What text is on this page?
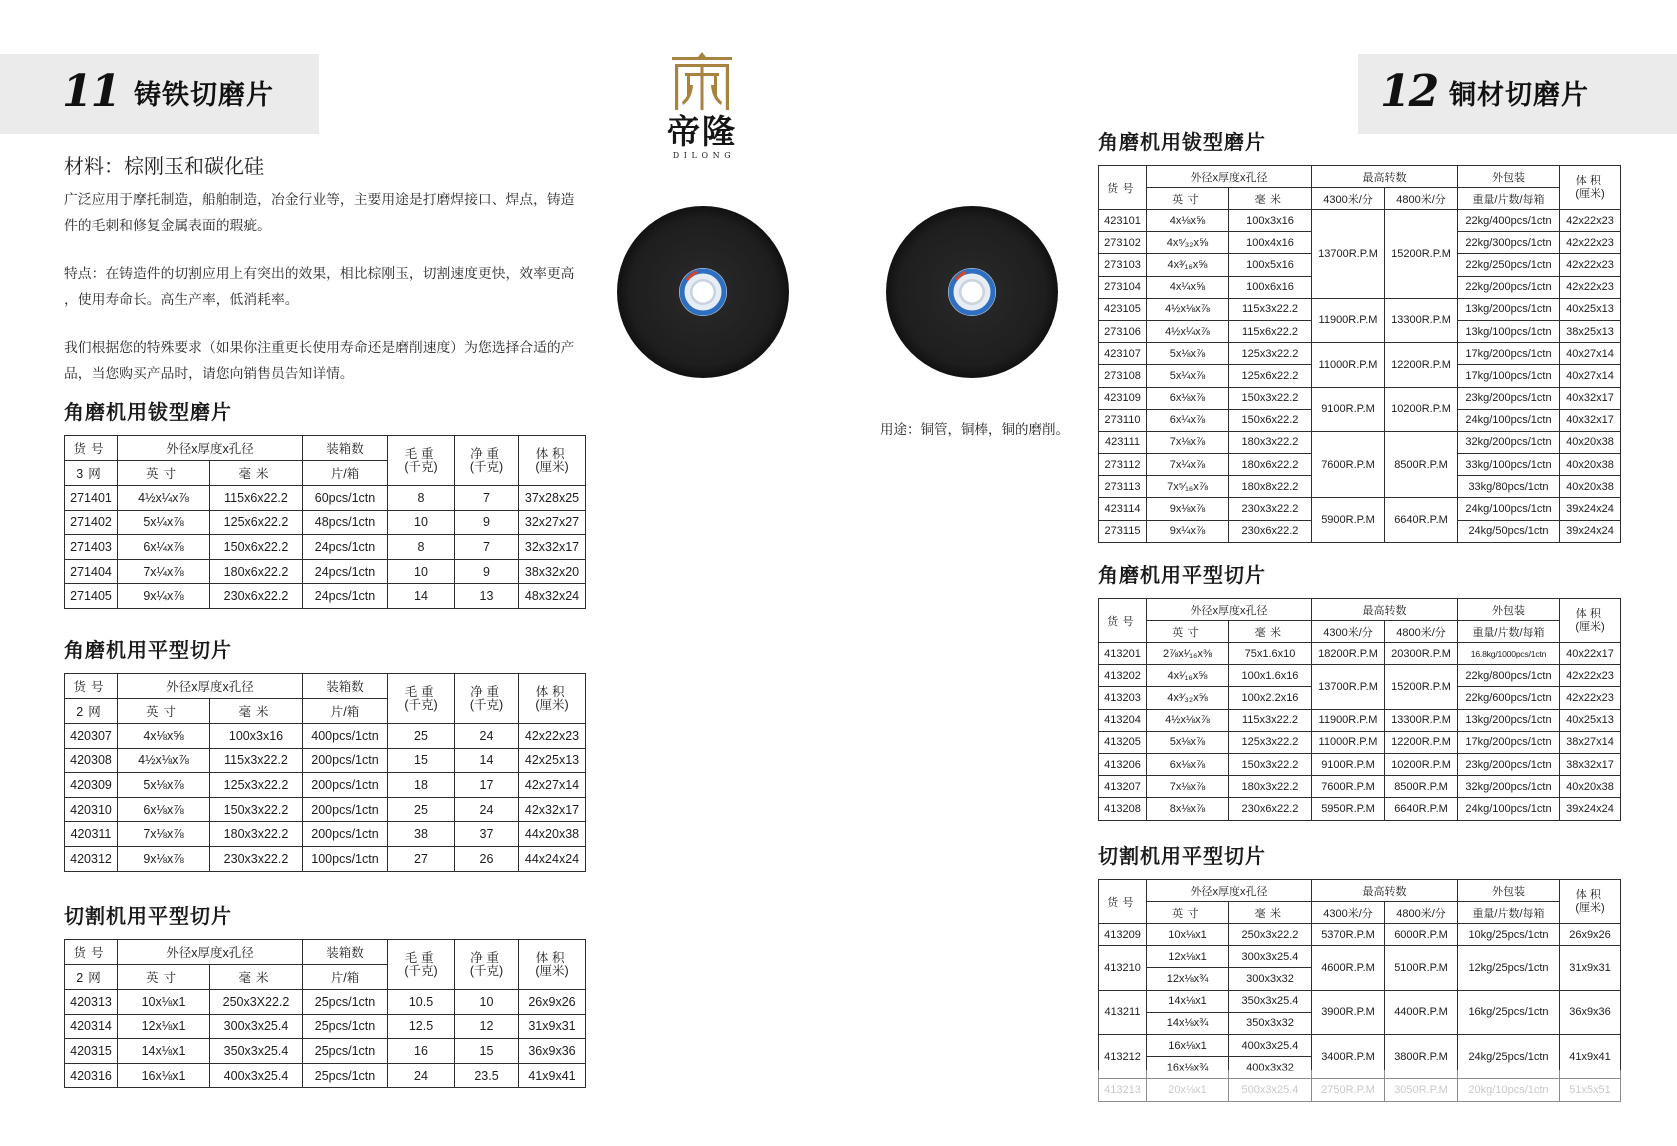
11 铸铁切磨片	12 铜材切磨片
帝隆
DILONG
材料：棕刚玉和碳化硅

广泛应用于摩托制造，船舶制造，冶金行业等，主要用途是打磨焊接口、焊点，铸造件的毛刺和修复金属表面的瑕疵。

特点：在铸造件的切割应用上有突出的效果，相比棕刚玉，切割速度更快，效率更高，使用寿命长。高生产率，低消耗率。

我们根据您的特殊要求（如果你注重更长使用寿命还是磨削速度）为您选择合适的产品，当您购买产品时，请您向销售员告知详情。

用途：铜管，铜棒，铜的磨削。
角磨机用钹型磨片
货号	外径x厚度x孔径		装箱数	毛重
(千克)	净重
(千克)	体积
(厘米)

3网	英寸	毫米	片/箱			
271401	4½x¼x⅞	115x6x22.2	60pcs/1ctn	8	7	37x28x25
271402	5x¼x⅞	125x6x22.2	48pcs/1ctn	10	9	32x27x27
271403	6x¼x⅞	150x6x22.2	24pcs/1ctn	8	7	32x32x17
271404	7x¼x⅞	180x6x22.2	24pcs/1ctn	10	9	38x32x20
271405	9x¼x⅞	230x6x22.2	24pcs/1ctn	14	13	48x32x24
角磨机用平型切片
货号	外径x厚度x孔径		装箱数	毛重
(千克)	净重
(千克)	体积
(厘米)

2网	英寸	毫米	片/箱			
420307	4x⅛x⅝	100x3x16	400pcs/1ctn	25	24	42x22x23
420308	4½x⅛x⅞	115x3x22.2	200pcs/1ctn	15	14	42x25x13
420309	5x⅛x⅞	125x3x22.2	200pcs/1ctn	18	17	42x27x14
420310	6x⅛x⅞	150x3x22.2	200pcs/1ctn	25	24	42x32x17
420311	7x⅛x⅞	180x3x22.2	200pcs/1ctn	38	37	44x20x38
420312	9x⅛x⅞	230x3x22.2	100pcs/1ctn	27	26	44x24x24
切割机用平型切片
货号	外径x厚度x孔径		装箱数	毛重
(千克)	净重
(千克)	体积
(厘米)

2网	英寸	毫米	片/箱			
420313	10x⅛x1	250x3X22.2	25pcs/1ctn	10.5	10	26x9x26
420314	12x⅛x1	300x3x25.4	25pcs/1ctn	12.5	12	31x9x31
420315	14x⅛x1	350x3x25.4	25pcs/1ctn	16	15	36x9x36
420316	16x⅛x1	400x3x25.4	25pcs/1ctn	24	23.5	41x9x41
角磨机用钹型磨片
货号	外径x厚度x孔径		最高转数		外包装	体积
(厘米)

	英寸	毫米	4300米/分	4800米/分	重量/片数/每箱	
423101	4x⅛x⅝	100x3x16	13700R.P.M	15200R.P.M	22kg/400pcs/1ctn	42x22x23
273102	4x⁵⁄₃₂x⅝	100x4x16			22kg/300pcs/1ctn	42x22x23
273103	4x³⁄₁₆x⅝	100x5x16			22kg/250pcs/1ctn	42x22x23
273104	4x¼x⅝	100x6x16			22kg/200pcs/1ctn	42x22x23
423105	4½x⅛x⅞	115x3x22.2	11900R.P.M	13300R.P.M	13kg/200pcs/1ctn	40x25x13
273106	4½x¼x⅞	115x6x22.2			13kg/100pcs/1ctn	38x25x13
423107	5x⅛x⅞	125x3x22.2	11000R.P.M	12200R.P.M	17kg/200pcs/1ctn	40x27x14
273108	5x¼x⅞	125x6x22.2			17kg/100pcs/1ctn	40x27x14
423109	6x⅛x⅞	150x3x22.2	9100R.P.M	10200R.P.M	23kg/200pcs/1ctn	40x32x17
273110	6x¼x⅞	150x6x22.2			24kg/100pcs/1ctn	40x32x17
423111	7x⅛x⅞	180x3x22.2	7600R.P.M	8500R.P.M	32kg/200pcs/1ctn	40x20x38
273112	7x¼x⅞	180x6x22.2			33kg/100pcs/1ctn	40x20x38
273113	7x⁵⁄₁₆x⅞	180x8x22.2			33kg/80pcs/1ctn	40x20x38
423114	9x⅛x⅞	230x3x22.2	5900R.P.M	6640R.P.M	24kg/100pcs/1ctn	39x24x24
273115	9x¼x⅞	230x6x22.2			24kg/50pcs/1ctn	39x24x24
角磨机用平型切片
货号	外径x厚度x孔径		最高转数		外包装	体积
(厘米)

	英寸	毫米	4300米/分	4800米/分	重量/片数/每箱	
413201	2⅞x¹⁄₁₆x⅜	75x1.6x10	18200R.P.M	20300R.P.M	16.8kg/1000pcs/1ctn	40x22x17
413202	4x¹⁄₁₆x⅝	100x1.6x16	13700R.P.M	15200R.P.M	22kg/800pcs/1ctn	42x22x23
413203	4x³⁄₃₂x⅝	100x2.2x16			22kg/600pcs/1ctn	42x22x23
413204	4½x⅛x⅞	115x3x22.2	11900R.P.M	13300R.P.M	13kg/200pcs/1ctn	40x25x13
413205	5x⅛x⅞	125x3x22.2	11000R.P.M	12200R.P.M	17kg/200pcs/1ctn	38x27x14
413206	6x⅛x⅞	150x3x22.2	9100R.P.M	10200R.P.M	23kg/200pcs/1ctn	38x32x17
413207	7x⅛x⅞	180x3x22.2	7600R.P.M	8500R.P.M	32kg/200pcs/1ctn	40x20x38
413208	8x⅛x⅞	230x6x22.2	5950R.P.M	6640R.P.M	24kg/100pcs/1ctn	39x24x24
切割机用平型切片
货号	外径x厚度x孔径		最高转数		外包装	体积
(厘米)

	英寸	毫米	4300米/分	4800米/分	重量/片数/每箱	
413209	10x⅛x1	250x3x22.2	5370R.P.M	6000R.P.M	10kg/25pcs/1ctn	26x9x26
413210	12x⅛x1	300x3x25.4	4600R.P.M	5100R.P.M	12kg/25pcs/1ctn	31x9x31
	12x⅛x¾	300x3x32				
413211	14x⅛x1	350x3x25.4	3900R.P.M	4400R.P.M	16kg/25pcs/1ctn	36x9x36
	14x⅛x¾	350x3x32				
413212	16x⅛x1	400x3x25.4	3400R.P.M	3800R.P.M	24kg/25pcs/1ctn	41x9x41
	16x⅛x¾	400x3x32				
413213	20x⅛x1	500x3x25.4	2750R.P.M	3050R.P.M	20kg/10pcs/1ctn	51x5x51
